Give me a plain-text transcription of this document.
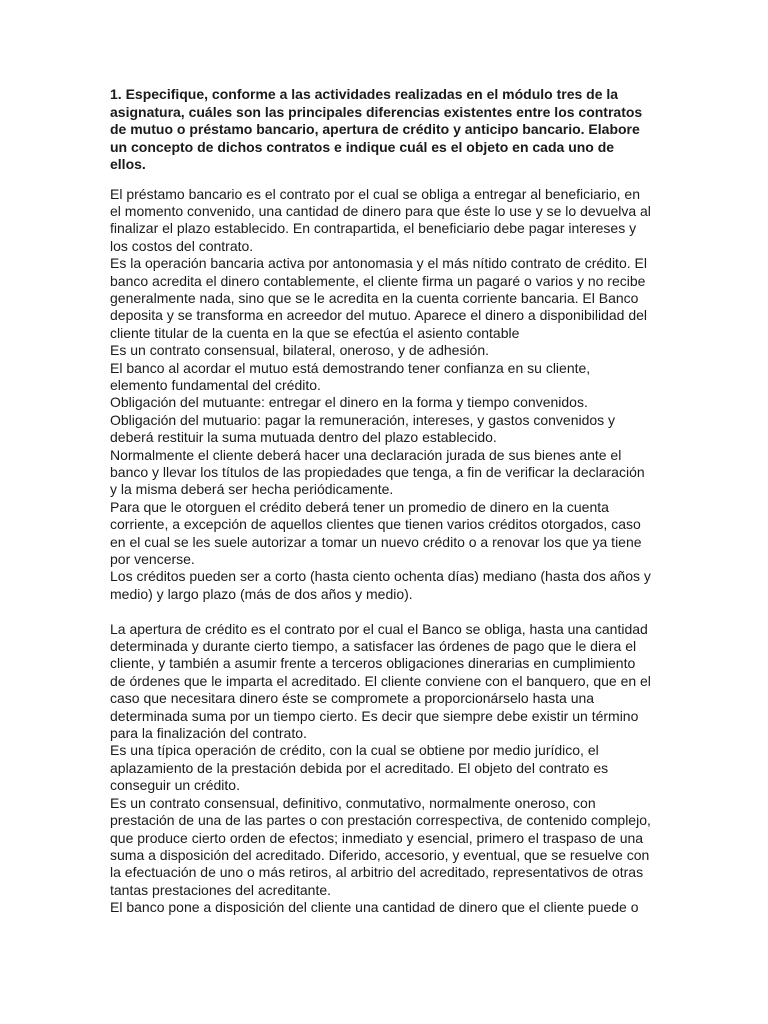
1. Especifique, conforme a las actividades realizadas en el módulo tres de la
asignatura, cuáles son las principales diferencias existentes entre los contratos
de mutuo o préstamo bancario, apertura de crédito y anticipo bancario. Elabore
un concepto de dichos contratos e indique cuál es el objeto en cada uno de
ellos.
El préstamo bancario es el contrato por el cual se obliga a entregar al beneficiario, en
el momento convenido, una cantidad de dinero para que éste lo use y se lo devuelva al
finalizar el plazo establecido. En contrapartida, el beneficiario debe pagar intereses y
los costos del contrato.
Es la operación bancaria activa por antonomasia y el más nítido contrato de crédito. El
banco acredita el dinero contablemente, el cliente firma un pagaré o varios y no recibe
generalmente nada, sino que se le acredita en la cuenta corriente bancaria. El Banco
deposita y se transforma en acreedor del mutuo. Aparece el dinero a disponibilidad del
cliente titular de la cuenta en la que se efectúa el asiento contable
Es un contrato consensual, bilateral, oneroso, y de adhesión.
El banco al acordar el mutuo está demostrando tener confianza en su cliente,
elemento fundamental del crédito.
Obligación del mutuante: entregar el dinero en la forma y tiempo convenidos.
Obligación del mutuario: pagar la remuneración, intereses, y gastos convenidos y
deberá restituir la suma mutuada dentro del plazo establecido.
Normalmente el cliente deberá hacer una declaración jurada de sus bienes ante el
banco y llevar los títulos de las propiedades que tenga, a fin de verificar la declaración
y la misma deberá ser hecha periódicamente.
Para que le otorguen el crédito deberá tener un promedio de dinero en la cuenta
corriente, a excepción de aquellos clientes que tienen varios créditos otorgados, caso
en el cual se les suele autorizar a tomar un nuevo crédito o a renovar los que ya tiene
por vencerse.
Los créditos pueden ser a corto (hasta ciento ochenta días) mediano (hasta dos años y
medio) y largo plazo (más de dos años y medio).
La apertura de crédito es el contrato por el cual el Banco se obliga, hasta una cantidad
determinada y durante cierto tiempo, a satisfacer las órdenes de pago que le diera el
cliente, y también a asumir frente a terceros obligaciones dinerarias en cumplimiento
de órdenes que le imparta el acreditado. El cliente conviene con el banquero, que en el
caso que necesitara dinero éste se compromete a proporcionárselo hasta una
determinada suma por un tiempo cierto. Es decir que siempre debe existir un término
para la finalización del contrato.
Es una típica operación de crédito, con la cual se obtiene por medio jurídico, el
aplazamiento de la prestación debida por el acreditado. El objeto del contrato es
conseguir un crédito.
Es un contrato consensual, definitivo, conmutativo, normalmente oneroso, con
prestación de una de las partes o con prestación correspectiva, de contenido complejo,
que produce cierto orden de efectos; inmediato y esencial, primero el traspaso de una
suma a disposición del acreditado. Diferido, accesorio, y eventual, que se resuelve con
la efectuación de uno o más retiros, al arbitrio del acreditado, representativos de otras
tantas prestaciones del acreditante.
El banco pone a disposición del cliente una cantidad de dinero que el cliente puede o
